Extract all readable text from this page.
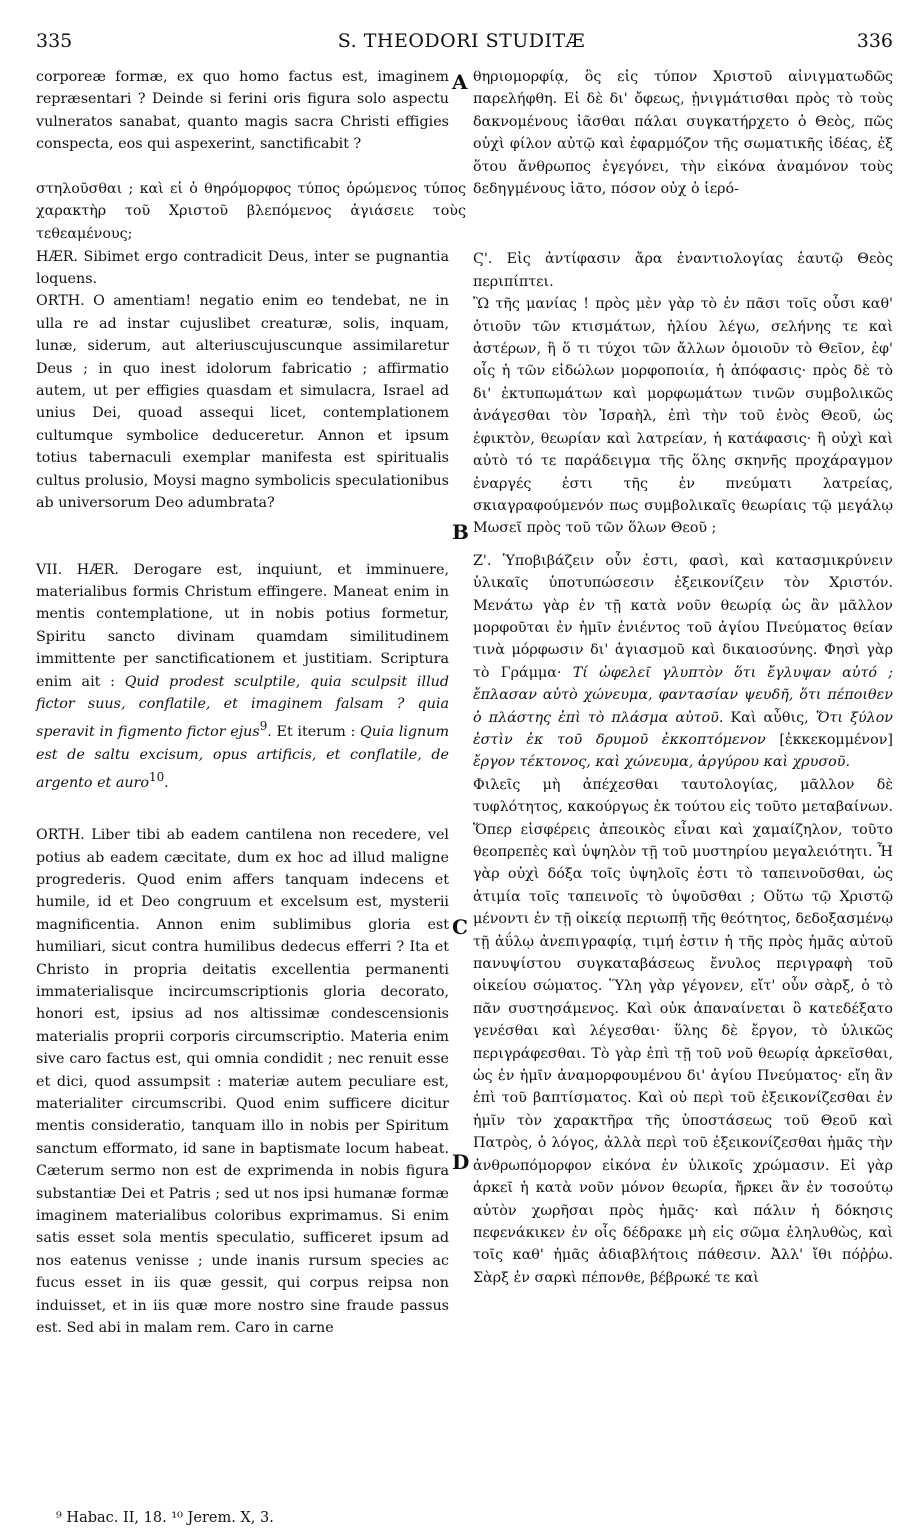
335	S. THEODORI STUDITÆ	336

corporeæ formæ, ex quo homo factus est, imaginem repræsentari ? Deinde si ferini oris figura solo aspectu vulneratos sanabat, quanto magis sacra Christi effigies conspecta, eos qui aspexerint, sanctificabit ?

HÆR. Sibimet ergo contradicit Deus, inter se pugnantia loquens.

ORTH. O amentiam! negatio enim eo tendebat, ne in ulla re ad instar cujuslibet creaturæ, solis, inquam, lunæ, siderum, aut alteriuscujuscunque assimilaretur Deus ; in quo inest idolorum fabricatio ; affirmatio autem, ut per effigies quasdam et simulacra, Israel ad unius Dei, quoad assequi licet, contemplationem cultumque symbolice deduceretur. Annon et ipsum totius tabernaculi exemplar manifesta est spiritualis cultus prolusio, Moysi magno symbolicis speculationibus ab universorum Deo adumbrata?

VII. HÆR. Derogare est, inquiunt, et imminuere, materialibus formis Christum effingere. Maneat enim in mentis contemplatione, ut in nobis potius formetur, Spiritu sancto divinam quamdam similitudinem immittente per sanctificationem et justitiam. Scriptura enim ait : Quid prodest sculptile, quia sculpsit illud fictor suus, conflatile, et imaginem falsam ? quia speravit in figmento fictor ejus$^9$. Et iterum : Quia lignum est de saltu excisum, opus artificis, et conflatile, de argento et auro$^{10}$.

ORTH. Liber tibi ab eadem cantilena non recedere, vel potius ab eadem cæcitate, dum ex hoc ad illud maligne progrederis. Quod enim affers tanquam indecens et humile, id et Deo congruum et excelsum est, mysterii magnificentia. Annon enim sublimibus gloria est humiliari, sicut contra humilibus dedecus efferri ? Ita et Christo in propria deitatis excellentia permanenti immaterialisque incircumscriptionis gloria decorato, honori est, ipsius ad nos altissimæ condescensionis materialis proprii corporis circumscriptio. Materia enim sive caro factus est, qui omnia condidit ; nec renuit esse et dici, quod assumpsit : materiæ autem peculiare est, materialiter circumscribi. Quod enim sufficere dicitur mentis consideratio, tanquam illo in nobis per Spiritum sanctum efformato, id sane in baptismate locum habeat. Cæterum sermo non est de exprimenda in nobis figura substantiæ Dei et Patris ; sed ut nos ipsi humanæ formæ imaginem materialibus coloribus exprimamus. Si enim satis esset sola mentis speculatio, sufficeret ipsum ad nos eatenus venisse ; unde inanis rursum species ac fucus esset in iis quæ gessit, qui corpus reipsa non induisset, et in iis quæ more nostro sine fraude passus est. Sed abi in malam rem. Caro in carne

στηλοῦσθαι ; καὶ εἰ ὁ θηρόμορφος τύπος ὁρώμενος τύπος χαρακτὴρ τοῦ Χριστοῦ βλεπόμενος ἁγιάσειε τοὺς τεθεαμένους;

θηριομορφίᾳ, ὃς εἰς τύπον Χριστοῦ αἰνιγματωδῶς παρελήφθη. Εἰ δὲ δι' ὄφεως, ᾐνιγμάτισθαι πρὸς τὸ τοὺς δακνομένους ἰᾶσθαι πάλαι συγκατήρχετο ὁ Θεὸς, πῶς οὐχὶ φίλον αὐτῷ καὶ ἐφαρμόζον τῆς σωματικῆς ἰδέας, ἐξ ὅτου ἄνθρωπος ἐγεγόνει, τὴν εἰκόνα ἀναμόνον τοὺς δεδηγμένους ἰᾶτο, πόσον οὐχ ὁ ἱερό-

Ϛ'. Εἰς ἀντίφασιν ἄρα ἐναντιολογίας ἑαυτῷ Θεὸς περιπίπτει.

Ὢ τῆς μανίας ! πρὸς μὲν γὰρ τὸ ἐν πᾶσι τοῖς οὖσι καθ' ὁτιοῦν τῶν κτισμάτων, ἡλίου λέγω, σελήνης τε καὶ ἀστέρων, ἢ ὅ τι τύχοι τῶν ἄλλων ὁμοιοῦν τὸ Θεῖον, ἐφ' οἷς ἡ τῶν εἰδώλων μορφοποιία, ἡ ἀπόφασις· πρὸς δὲ τὸ δι' ἐκτυπωμάτων καὶ μορφωμάτων τινῶν συμβολικῶς ἀνάγεσθαι τὸν Ἰσραὴλ, ἐπὶ τὴν τοῦ ἑνὸς Θεοῦ, ὡς ἐφικτὸν, θεωρίαν καὶ λατρείαν, ἡ κατάφασις· ἢ οὐχὶ καὶ αὐτὸ τό τε παράδειγμα τῆς ὅλης σκηνῆς προχάραγμον ἐναργές ἐστι τῆς ἐν πνεύματι λατρείας, σκιαγραφούμενόν πως συμβολικαῖς θεωρίαις τῷ μεγάλῳ Μωσεῖ πρὸς τοῦ τῶν ὅλων Θεοῦ ;

Ζ'. Ὑποβιβάζειν οὖν ἐστι, φασὶ, καὶ κατασμικρύνειν ὑλικαῖς ὑποτυπώσεσιν ἐξεικονίζειν τὸν Χριστόν. Μενάτω γὰρ ἐν τῇ κατὰ νοῦν θεωρίᾳ ὡς ἂν μᾶλλον μορφοῦται ἐν ἡμῖν ἐνιέντος τοῦ ἁγίου Πνεύματος θείαν τινὰ μόρφωσιν δι' ἁγιασμοῦ καὶ δικαιοσύνης. Φησὶ γὰρ τὸ Γράμμα· Τί ὠφελεῖ γλυπτὸν ὅτι ἔγλυψαν αὐτό ; ἔπλασαν αὐτὸ χώνευμα, φαντασίαν ψευδῆ, ὅτι πέποιθεν ὁ πλάστης ἐπὶ τὸ πλάσμα αὐτοῦ. Καὶ αὖθις, Ὅτι ξύλον ἐστὶν ἐκ τοῦ δρυμοῦ ἐκκοπτόμενον [ἐκκεκομμένον] ἔργον τέκτονος, καὶ χώνευμα, ἀργύρου καὶ χρυσοῦ.

Φιλεῖς μὴ ἀπέχεσθαι ταυτολογίας, μᾶλλον δὲ τυφλότητος, κακούργως ἐκ τούτου εἰς τοῦτο μεταβαίνων. Ὅπερ εἰσφέρεις ἀπεοικὸς εἶναι καὶ χαμαίζηλον, τοῦτο θεοπρεπὲς καὶ ὑψηλὸν τῇ τοῦ μυστηρίου μεγαλειότητι. Ἦ γὰρ οὐχὶ δόξα τοῖς ὑψηλοῖς ἐστι τὸ ταπεινοῦσθαι, ὡς ἀτιμία τοῖς ταπεινοῖς τὸ ὑψοῦσθαι ; Οὕτω τῷ Χριστῷ μένοντι ἐν τῇ οἰκείᾳ περιωπῇ τῆς θεότητος, δεδοξασμένῳ τῇ ἀΰλῳ ἀνεπιγραφίᾳ, τιμή ἐστιν ἡ τῆς πρὸς ἡμᾶς αὐτοῦ πανυψίστου συγκαταβάσεως ἔνυλος περιγραφὴ τοῦ οἰκείου σώματος. Ὕλη γὰρ γέγονεν, εἴτ' οὖν σὰρξ, ὁ τὸ πᾶν συστησάμενος. Καὶ οὐκ ἀπαναίνεται ὃ κατεδέξατο γενέσθαι καὶ λέγεσθαι· ὕλης δὲ ἔργον, τὸ ὑλικῶς περιγράφεσθαι. Τὸ γὰρ ἐπὶ τῇ τοῦ νοῦ θεωρίᾳ ἀρκεῖσθαι, ὡς ἐν ἡμῖν ἀναμορφουμένου δι' ἁγίου Πνεύματος· εἴη ἂν ἐπὶ τοῦ βαπτίσματος. Καὶ οὐ περὶ τοῦ ἐξεικονίζεσθαι ἐν ἡμῖν τὸν χαρακτῆρα τῆς ὑποστάσεως τοῦ Θεοῦ καὶ Πατρὸς, ὁ λόγος, ἀλλὰ περὶ τοῦ ἐξεικονίζεσθαι ἡμᾶς τὴν ἀνθρωπόμορφον εἰκόνα ἐν ὑλικοῖς χρώμασιν. Εἰ γὰρ ἀρκεῖ ἡ κατὰ νοῦν μόνον θεωρία, ἤρκει ἂν ἐν τοσούτῳ αὐτὸν χωρῆσαι πρὸς ἡμᾶς· καὶ πάλιν ἡ δόκησις πεφενάκικεν ἐν οἷς δέδρακε μὴ εἰς σῶμα ἐληλυθὼς, καὶ τοῖς καθ' ἡμᾶς ἀδιαβλήτοις πάθεσιν. Ἀλλ' ἴθι πόῤῥω. Σὰρξ ἐν σαρκὶ πέπονθε, βέβρωκέ τε καὶ

A
B
C
D
⁹ Habac. II, 18. ¹⁰ Jerem. X, 3.
